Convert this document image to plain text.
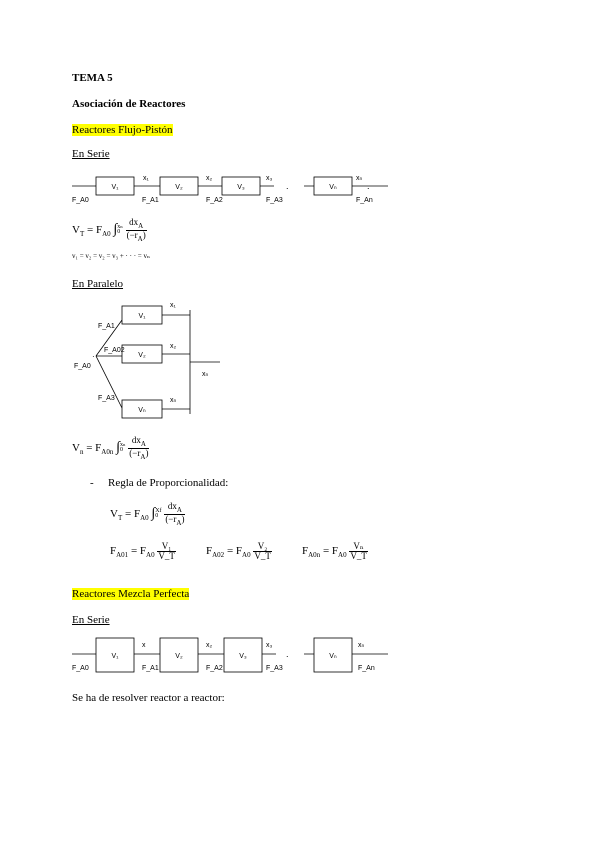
TEMA 5
Asociación de Reactores
Reactores Flujo-Pistón
En Serie
V₁	V₂	V₃	Vₙ
x₁	x₂	x₃	xₙ
F_A0	F_A1	F_A2	F_A3	F_An
.	.
$V_T = F_{A0}$ ∫ xₙ
0
$\frac{dx_A}{(-r_A)}$
v₁ = v₂ = v₂ = v₃ + · · · = vₙ
En Paralelo
·
V₁
V₂
Vₙ
x₁
x₂
xₙ
F_A1
F_A02
F_A3
F_A0
xₙ
$V_n = F_{A0n}$ ∫ xₙ
0
$\frac{dx_A}{(-r_A)}$
- Regla de Proporcionalidad:
$V_T = F_{A0}$ ∫ Xf
0
$\frac{dx_A}{(-r_A)}$
$F_{A01} = F_{A0} \frac{\text{V₁}}{V\_T}$	$F_{A02} = F_{A0} \frac{\text{V₂}}{V\_T}$	$F_{A0n} = F_{A0} \frac{\text{Vₙ}}{V\_T}$
Reactores Mezcla Perfecta
En Serie
V₁	V₂	V₃	Vₙ
x	x₂	x₃	xₙ
F_A0	F_A1	F_A2	F_A3	F_An
.
Se ha de resolver reactor a reactor:
